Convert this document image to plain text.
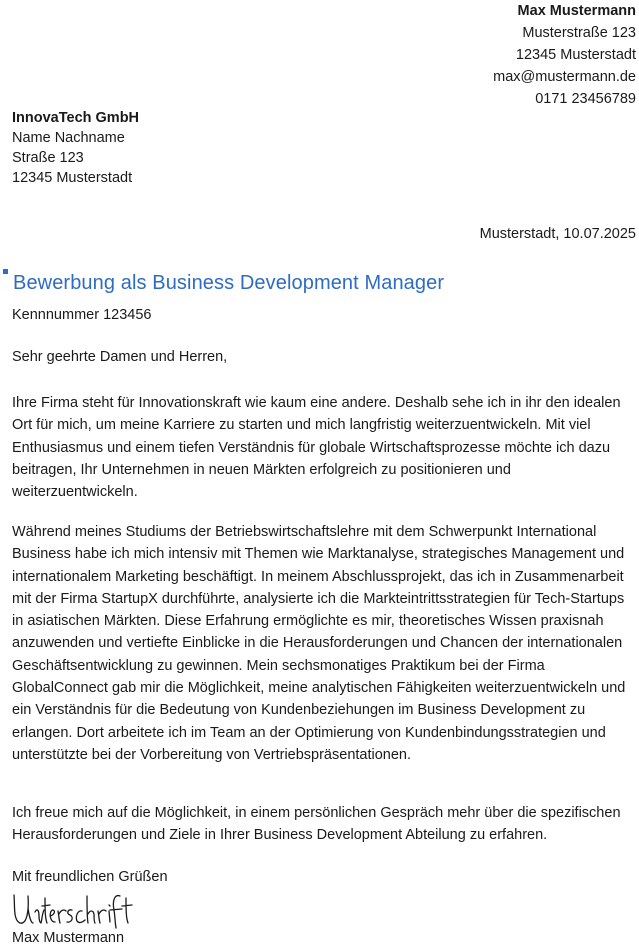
Max Mustermann
Musterstraße 123
12345 Musterstadt
max@mustermann.de
0171 23456789
InnovaTech GmbH
Name Nachname
Straße 123
12345 Musterstadt
Musterstadt, 10.07.2025
Bewerbung als Business Development Manager
Kennnummer 123456
Sehr geehrte Damen und Herren,

Ihre Firma steht für Innovationskraft wie kaum eine andere. Deshalb sehe ich in ihr den idealen Ort für mich, um meine Karriere zu starten und mich langfristig weiterzuentwickeln. Mit viel Enthusiasmus und einem tiefen Verständnis für globale Wirtschaftsprozesse möchte ich dazu beitragen, Ihr Unternehmen in neuen Märkten erfolgreich zu positionieren und weiterzuentwickeln.

Während meines Studiums der Betriebswirtschaftslehre mit dem Schwerpunkt International Business habe ich mich intensiv mit Themen wie Marktanalyse, strategisches Management und internationalem Marketing beschäftigt. In meinem Abschlussprojekt, das ich in Zusammenarbeit mit der Firma StartupX durchführte, analysierte ich die Markteintrittsstrategien für Tech-Startups in asiatischen Märkten. Diese Erfahrung ermöglichte es mir, theoretisches Wissen praxisnah anzuwenden und vertiefte Einblicke in die Herausforderungen und Chancen der internationalen Geschäftsentwicklung zu gewinnen. Mein sechsmonatiges Praktikum bei der Firma GlobalConnect gab mir die Möglichkeit, meine analytischen Fähigkeiten weiterzuentwickeln und ein Verständnis für die Bedeutung von Kundenbeziehungen im Business Development zu erlangen. Dort arbeitete ich im Team an der Optimierung von Kundenbindungsstrategien und unterstützte bei der Vorbereitung von Vertriebspräsentationen.

Ich freue mich auf die Möglichkeit, in einem persönlichen Gespräch mehr über die spezifischen Herausforderungen und Ziele in Ihrer Business Development Abteilung zu erfahren.

Mit freundlichen Grüßen
Max Mustermann
